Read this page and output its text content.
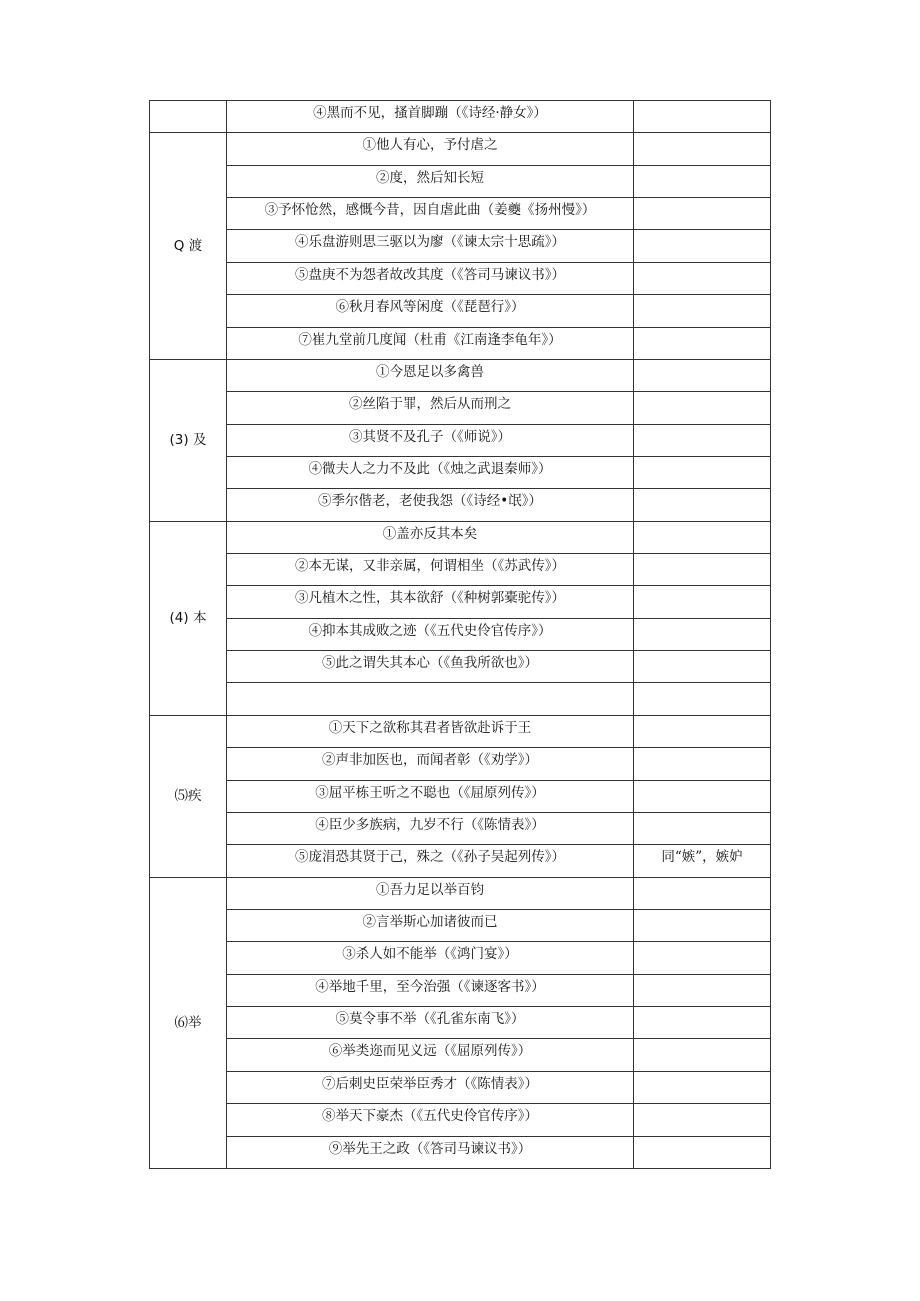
	④黑而不见，搔首脚蹦（《诗经·静女》）	
Q 渡	①他人有心，予付虐之	
	②度，然后知长短	
	③予怀怆然，感慨今昔，因自虐此曲（姜夔《扬州慢》）	
	④乐盘游则思三驱以为廖（《谏太宗十思疏》）	
	⑤盘庚不为怨者故改其度（《答司马谏议书》）	
	⑥秋月春风等闲度（《琵琶行》）	
	⑦崔九堂前几度闻（杜甫《江南逢李龟年》）	
(3) 及	①今恩足以多禽兽	
	②丝陷于罪，然后从而刑之	
	③其贤不及孔子（《师说》）	
	④微夫人之力不及此（《烛之武退秦师》）	
	⑤季尔偕老，老使我怨（《诗经•氓》）	
(4) 本	①盖亦反其本矣	
	②本无谋，又非亲属，何谓相坐（《苏武传》）	
	③凡植木之性，其本欲舒（《种树郭橐驼传》）	
	④抑本其成败之迹（《五代史伶官传序》）	
	⑤此之谓失其本心（《鱼我所欲也》）	

⑸疾	①天下之欲称其君者皆欲赴诉于王	
	②声非加医也，而闻者彰（《劝学》）	
	③屈平栋王听之不聪也（《屈原列传》）	
	④臣少多族病，九岁不行（《陈情表》）	
	⑤庞涓恐其贤于己，殊之（《孙子吴起列传》）	同“嫉”，嫉妒
⑹举	①吾力足以举百钧	
	②言举斯心加诸彼而已	
	③杀人如不能举（《鸿门宴》）	
	④举地千里，至今治强（《谏逐客书》）	
	⑤莫令事不举（《孔雀东南飞》）	
	⑥举类迩而见义远（《屈原列传》）	
	⑦后刺史臣荣举臣秀才（《陈情表》）	
	⑧举天下豪杰（《五代史伶官传序》）	
	⑨举先王之政（《答司马谏议书》）	
